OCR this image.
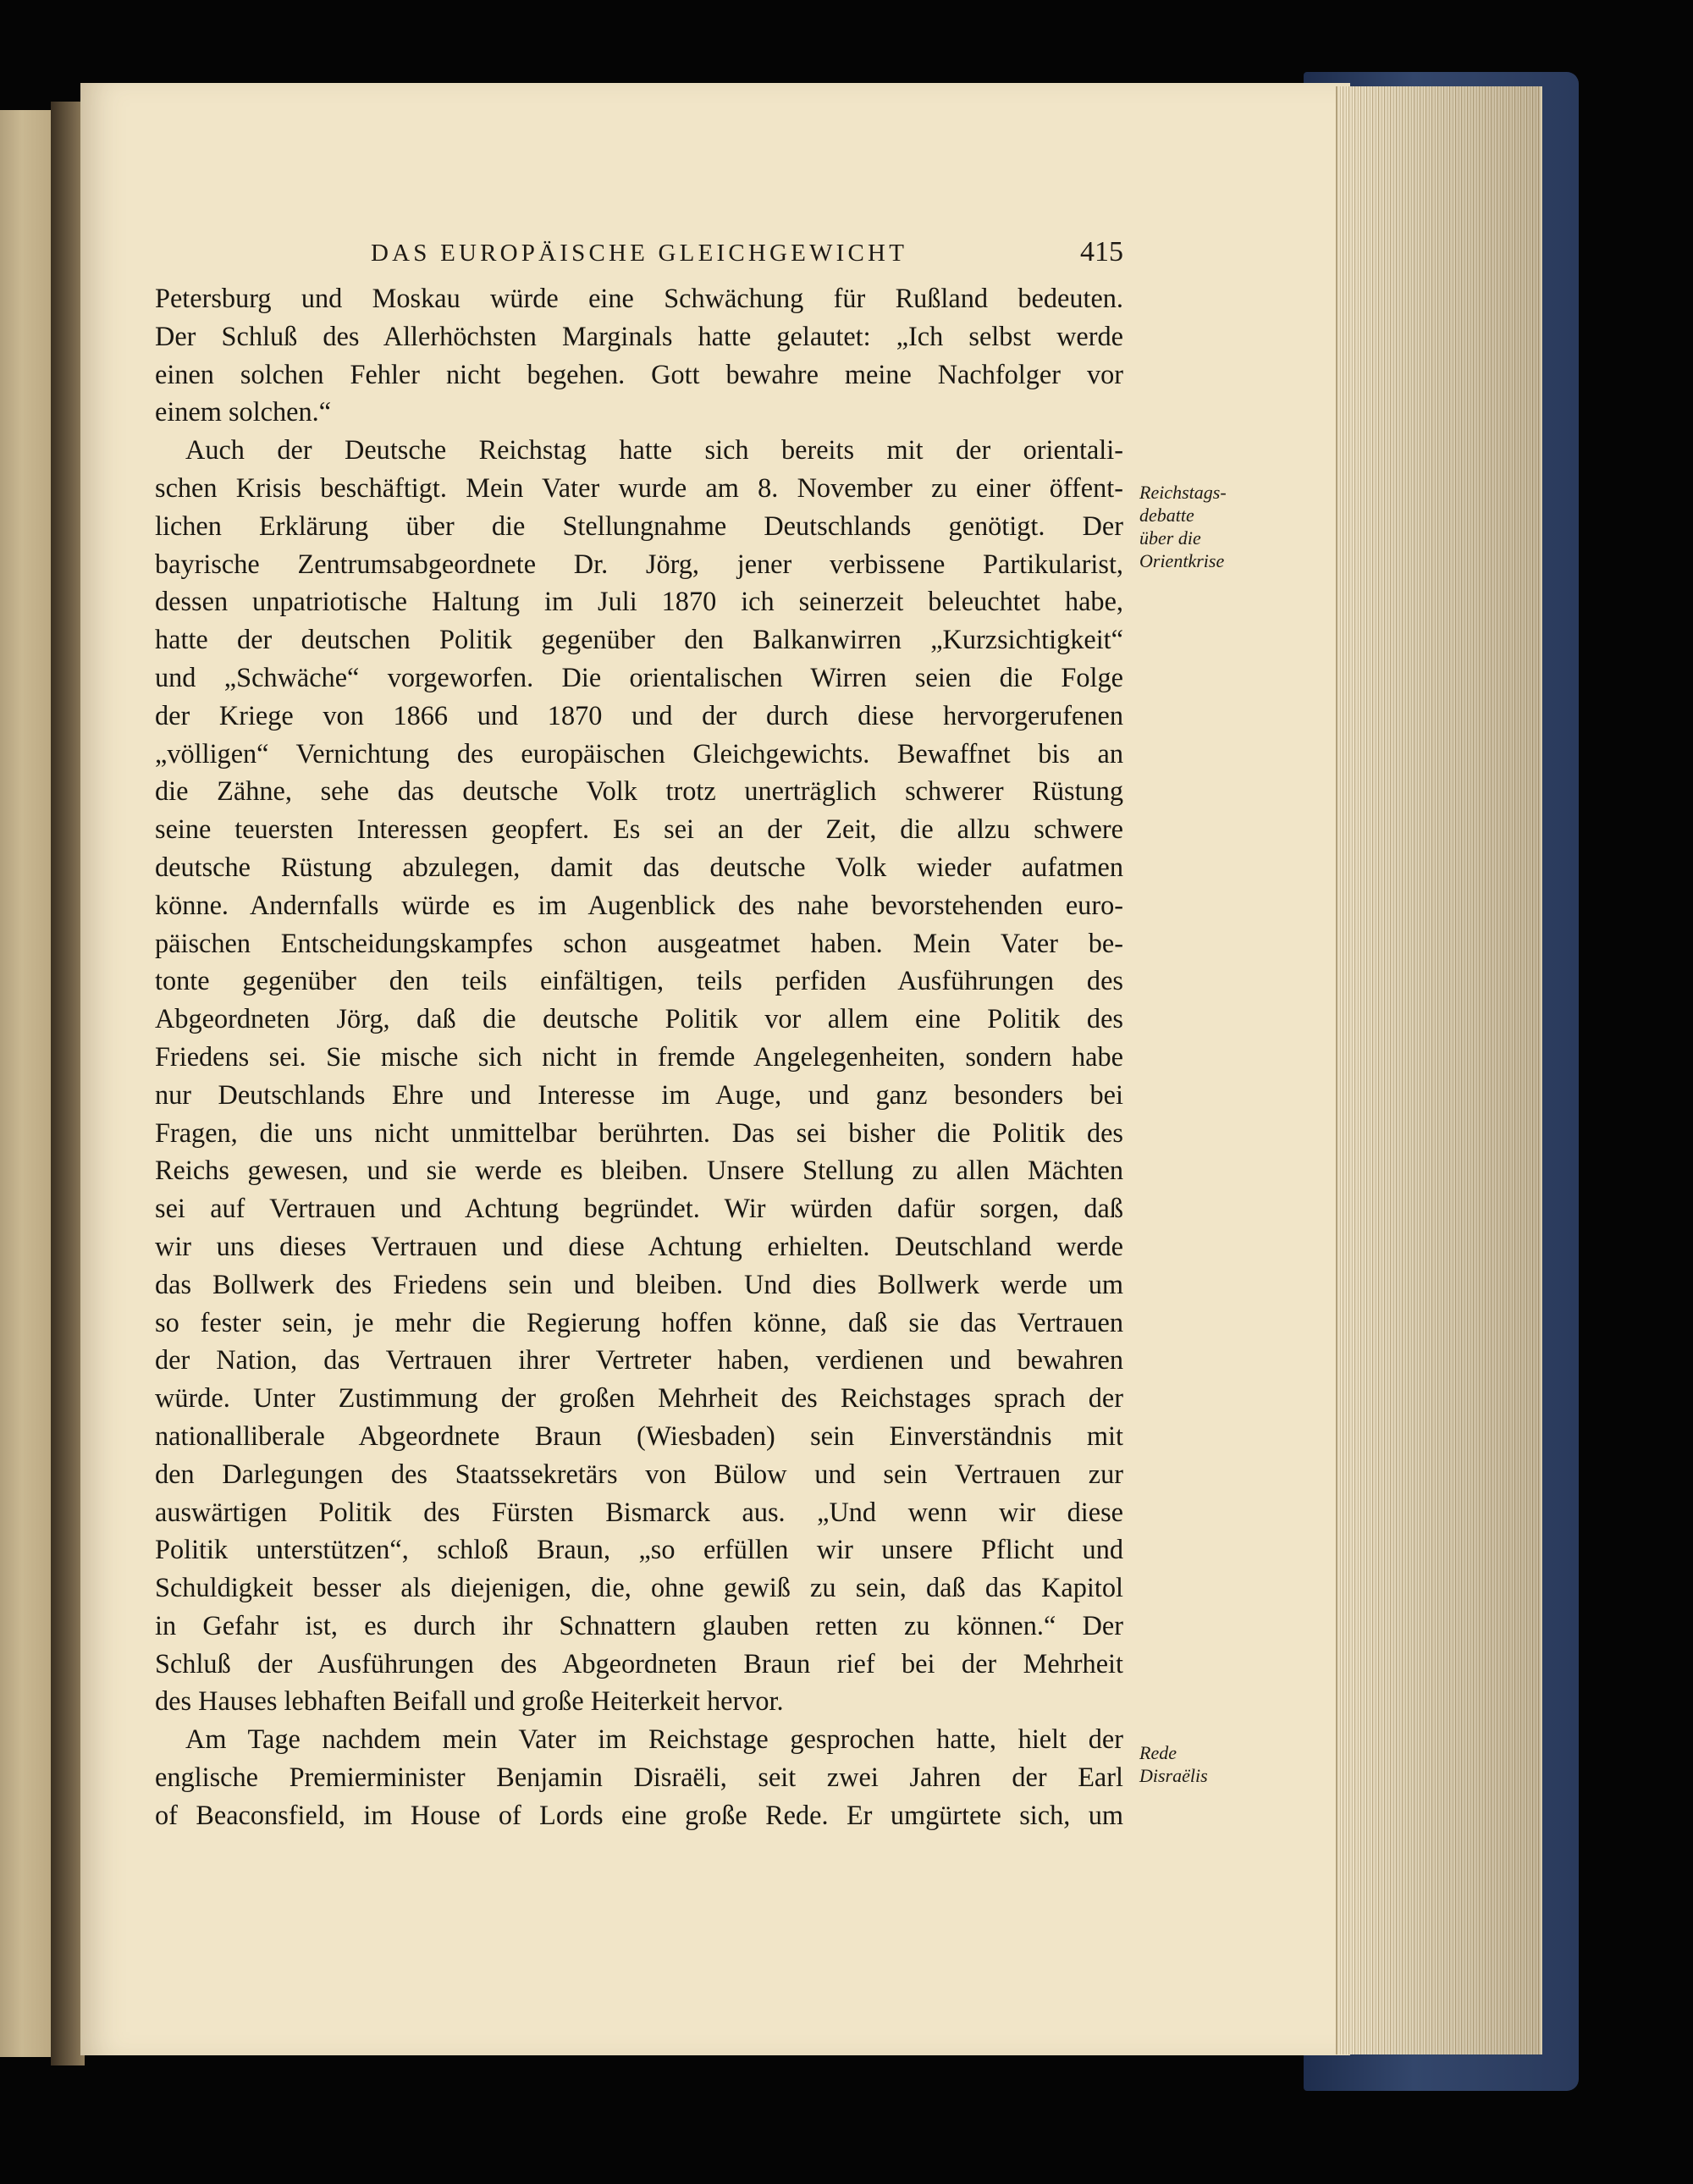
DAS EUROPÄISCHE GLEICHGEWICHT	415
Petersburg und Moskau würde eine Schwächung für Rußland bedeuten.
Der Schluß des Allerhöchsten Marginals hatte gelautet: „Ich selbst werde
einen solchen Fehler nicht begehen. Gott bewahre meine Nachfolger vor
einem solchen.“
Auch der Deutsche Reichstag hatte sich bereits mit der orientali-
schen Krisis beschäftigt. Mein Vater wurde am 8. November zu einer öffent-
lichen Erklärung über die Stellungnahme Deutschlands genötigt. Der
bayrische Zentrumsabgeordnete Dr. Jörg, jener verbissene Partikularist,
dessen unpatriotische Haltung im Juli 1870 ich seinerzeit beleuchtet habe,
hatte der deutschen Politik gegenüber den Balkanwirren „Kurzsichtigkeit“
und „Schwäche“ vorgeworfen. Die orientalischen Wirren seien die Folge
der Kriege von 1866 und 1870 und der durch diese hervorgerufenen
„völligen“ Vernichtung des europäischen Gleichgewichts. Bewaffnet bis an
die Zähne, sehe das deutsche Volk trotz unerträglich schwerer Rüstung
seine teuersten Interessen geopfert. Es sei an der Zeit, die allzu schwere
deutsche Rüstung abzulegen, damit das deutsche Volk wieder aufatmen
könne. Andernfalls würde es im Augenblick des nahe bevorstehenden euro-
päischen Entscheidungskampfes schon ausgeatmet haben. Mein Vater be-
tonte gegenüber den teils einfältigen, teils perfiden Ausführungen des
Abgeordneten Jörg, daß die deutsche Politik vor allem eine Politik des
Friedens sei. Sie mische sich nicht in fremde Angelegenheiten, sondern habe
nur Deutschlands Ehre und Interesse im Auge, und ganz besonders bei
Fragen, die uns nicht unmittelbar berührten. Das sei bisher die Politik des
Reichs gewesen, und sie werde es bleiben. Unsere Stellung zu allen Mächten
sei auf Vertrauen und Achtung begründet. Wir würden dafür sorgen, daß
wir uns dieses Vertrauen und diese Achtung erhielten. Deutschland werde
das Bollwerk des Friedens sein und bleiben. Und dies Bollwerk werde um
so fester sein, je mehr die Regierung hoffen könne, daß sie das Vertrauen
der Nation, das Vertrauen ihrer Vertreter haben, verdienen und bewahren
würde. Unter Zustimmung der großen Mehrheit des Reichstages sprach der
nationalliberale Abgeordnete Braun (Wiesbaden) sein Einverständnis mit
den Darlegungen des Staatssekretärs von Bülow und sein Vertrauen zur
auswärtigen Politik des Fürsten Bismarck aus. „Und wenn wir diese
Politik unterstützen“, schloß Braun, „so erfüllen wir unsere Pflicht und
Schuldigkeit besser als diejenigen, die, ohne gewiß zu sein, daß das Kapitol
in Gefahr ist, es durch ihr Schnattern glauben retten zu können.“ Der
Schluß der Ausführungen des Abgeordneten Braun rief bei der Mehrheit
des Hauses lebhaften Beifall und große Heiterkeit hervor.
Am Tage nachdem mein Vater im Reichstage gesprochen hatte, hielt der
englische Premierminister Benjamin Disraëli, seit zwei Jahren der Earl
of Beaconsfield, im House of Lords eine große Rede. Er umgürtete sich, um
Reichstags-
debatte
über die
Orientkrise
Rede
Disraëlis
